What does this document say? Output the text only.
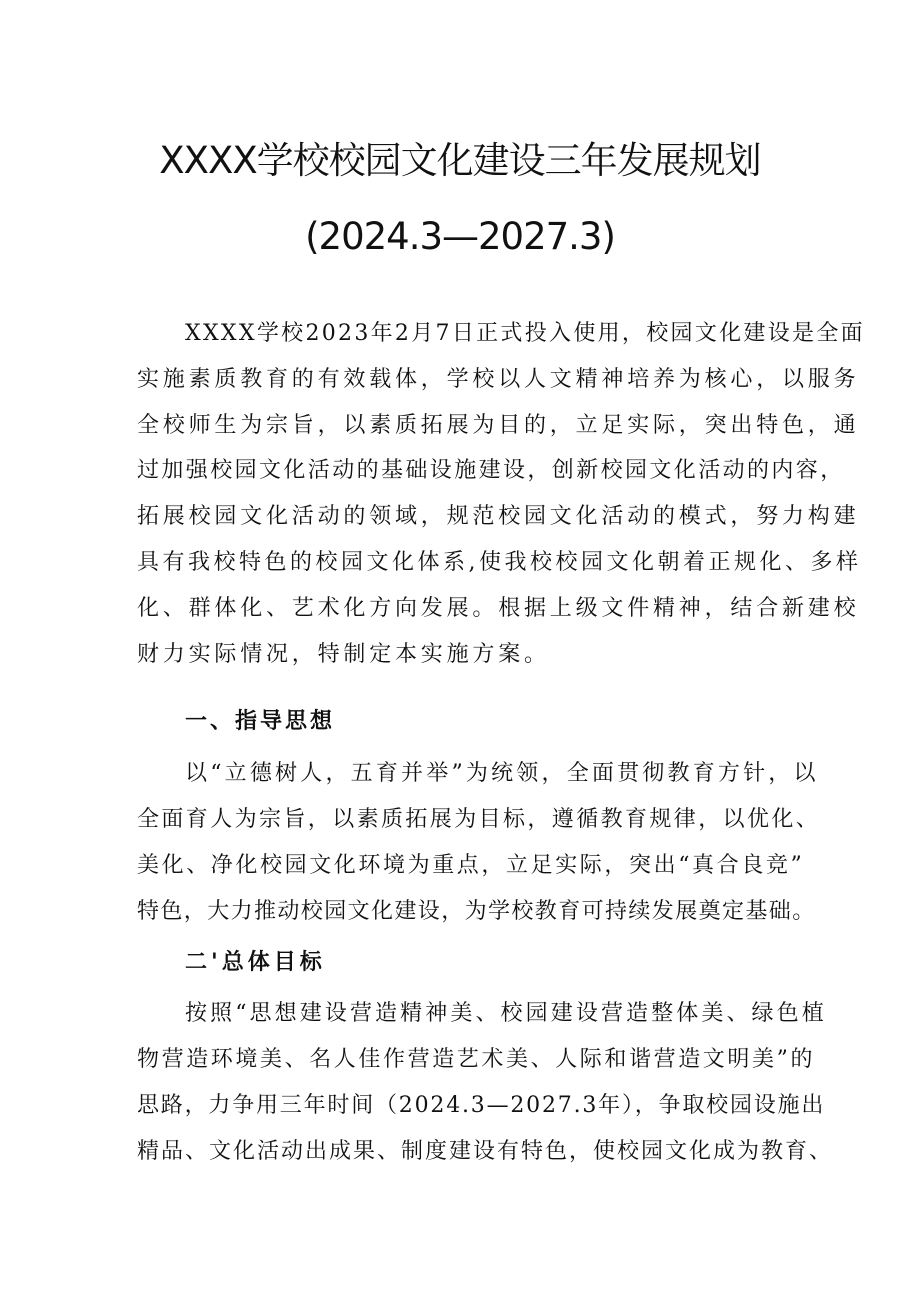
XXXX学校校园文化建设三年发展规划
(2024.3—2027.3)
XXXX学校2023年2月7日正式投入使用，校园文化建设是全面
实施素质教育的有效载体，学校以人文精神培养为核心，以服务
全校师生为宗旨，以素质拓展为目的，立足实际，突出特色，通
过加强校园文化活动的基础设施建设，创新校园文化活动的内容，
拓展校园文化活动的领域，规范校园文化活动的模式，努力构建
具有我校特色的校园文化体系,使我校校园文化朝着正规化、多样
化、群体化、艺术化方向发展。根据上级文件精神，结合新建校
财力实际情况，特制定本实施方案。
一、指导思想
以“立德树人，五育并举”为统领，全面贯彻教育方针，以
全面育人为宗旨，以素质拓展为目标，遵循教育规律，以优化、
美化、净化校园文化环境为重点，立足实际，突出“真合良竞”
特色，大力推动校园文化建设，为学校教育可持续发展奠定基础。
二'总体目标
按照“思想建设营造精神美、校园建设营造整体美、绿色植
物营造环境美、名人佳作营造艺术美、人际和谐营造文明美”的
思路，力争用三年时间（2024.3—2027.3年），争取校园设施出
精品、文化活动出成果、制度建设有特色，使校园文化成为教育、
